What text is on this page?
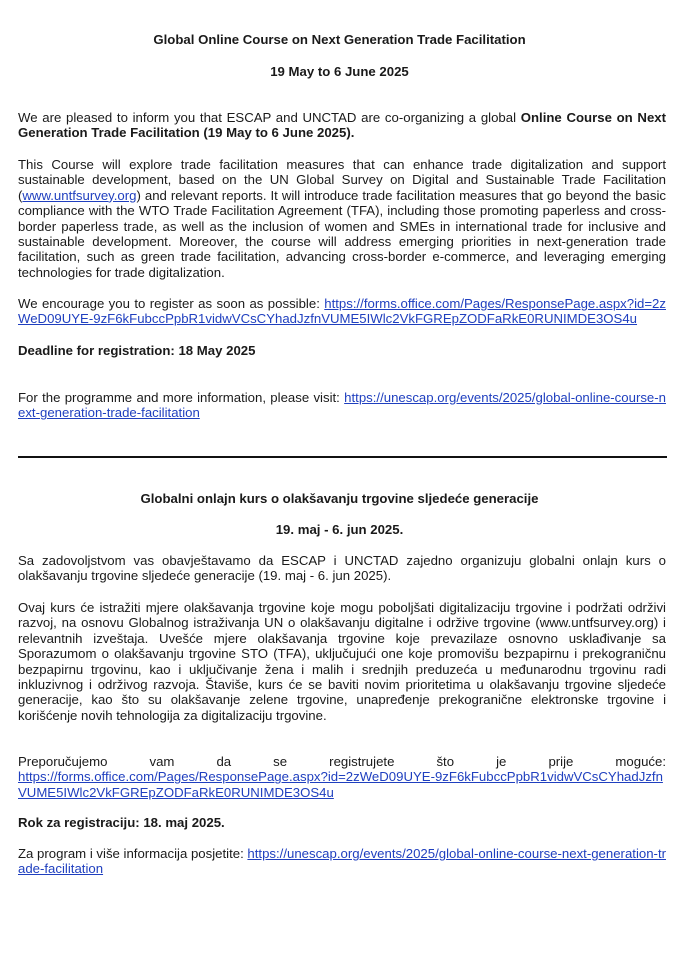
Global Online Course on Next Generation Trade Facilitation
19 May to 6 June 2025
We are pleased to inform you that ESCAP and UNCTAD are co-organizing a global Online Course on Next Generation Trade Facilitation (19 May to 6 June 2025).
This Course will explore trade facilitation measures that can enhance trade digitalization and support sustainable development, based on the UN Global Survey on Digital and Sustainable Trade Facilitation (www.untfsurvey.org) and relevant reports. It will introduce trade facilitation measures that go beyond the basic compliance with the WTO Trade Facilitation Agreement (TFA), including those promoting paperless and cross-border paperless trade, as well as the inclusion of women and SMEs in international trade for inclusive and sustainable development. Moreover, the course will address emerging priorities in next-generation trade facilitation, such as green trade facilitation, advancing cross-border e-commerce, and leveraging emerging technologies for trade digitalization.
We encourage you to register as soon as possible: https://forms.office.com/Pages/ResponsePage.aspx?id=2zWeD09UYE-9zF6kFubccPpbR1vidwVCsCYhadJzfnVUME5IWlc2VkFGREpZODFaRkE0RUNIMDE3OS4u
Deadline for registration: 18 May 2025
For the programme and more information, please visit: https://unescap.org/events/2025/global-online-course-next-generation-trade-facilitation
Globalni onlajn kurs o olakšavanju trgovine sljedeće generacije
19. maj - 6. jun 2025.
Sa zadovoljstvom vas obavještavamo da ESCAP i UNCTAD zajedno organizuju globalni onlajn kurs o olakšavanju trgovine sljedeće generacije (19. maj - 6. jun 2025).
Ovaj kurs će istražiti mjere olakšavanja trgovine koje mogu poboljšati digitalizaciju trgovine i podržati održivi razvoj, na osnovu Globalnog istraživanja UN o olakšavanju digitalne i održive trgovine (www.untfsurvey.org) i relevantnih izveštaja. Uvešće mjere olakšavanja trgovine koje prevazilaze osnovno usklađivanje sa Sporazumom o olakšavanju trgovine STO (TFA), uključujući one koje promovišu bezpapirnu i prekograničnu bezpapirnu trgovinu, kao i uključivanje žena i malih i srednjih preduzeća u međunarodnu trgovinu radi inkluzivnog i održivog razvoja. Štaviše, kurs će se baviti novim prioritetima u olakšavanju trgovine sljedeće generacije, kao što su olakšavanje zelene trgovine, unapređenje prekogranične elektronske trgovine i korišćenje novih tehnologija za digitalizaciju trgovine.
Preporučujemo vam da se registrujete što je prije moguće:
https://forms.office.com/Pages/ResponsePage.aspx?id=2zWeD09UYE-9zF6kFubccPpbR1vidwVCsCYhadJzfnVUME5IWlc2VkFGREpZODFaRkE0RUNIMDE3OS4u
Rok za registraciju: 18. maj 2025.
Za program i više informacija posjetite: https://unescap.org/events/2025/global-online-course-next-generation-trade-facilitation
